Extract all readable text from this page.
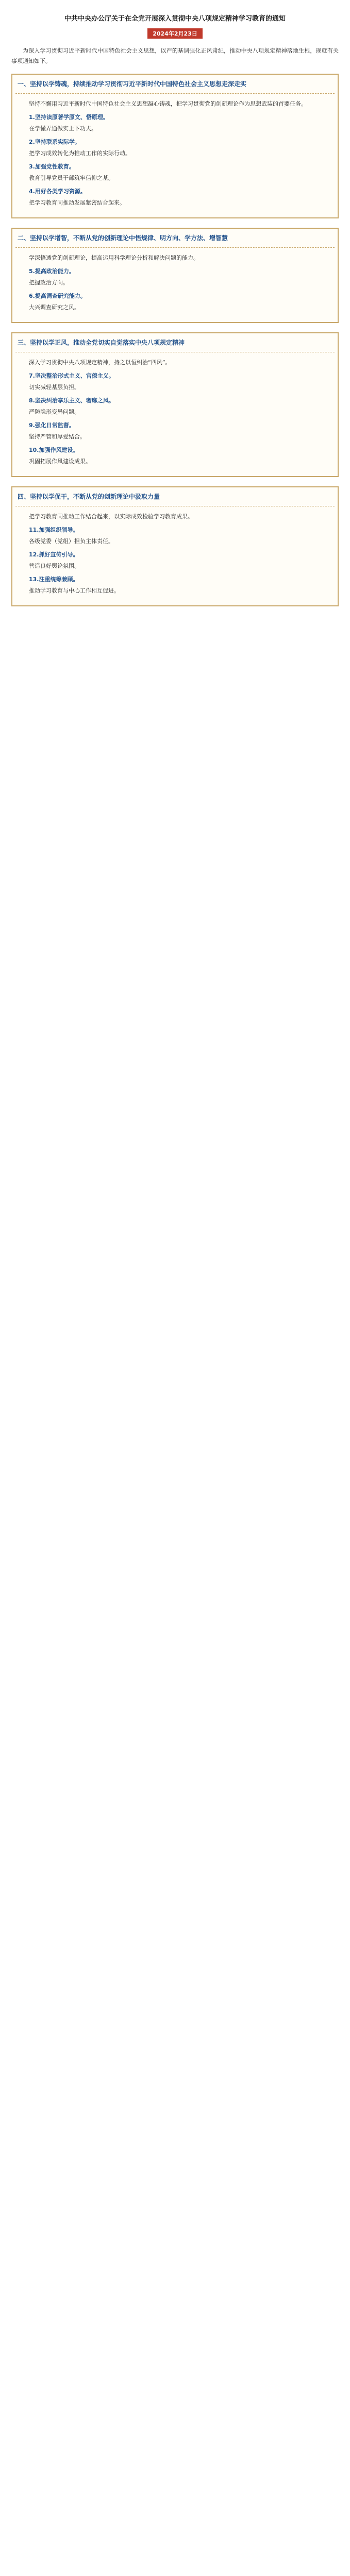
中共中央办公厅关于在全党开展深入贯彻中央八项规定精神学习教育的通知
2024年2月23日

为深入学习贯彻习近平新时代中国特色社会主义思想，以严的基调强化正风肃纪，推动中央八项规定精神落地生根，现就有关事项通知如下。

一、坚持以学铸魂，持续推动学习贯彻习近平新时代中国特色社会主义思想走深走实

坚持不懈用习近平新时代中国特色社会主义思想凝心铸魂，把学习贯彻党的创新理论作为思想武装的首要任务。

1.坚持读原著学原文、悟原理。

在学懂弄通做实上下功夫。

2.坚持联系实际学。

把学习成效转化为推动工作的实际行动。

3.加强党性教育。

教育引导党员干部筑牢信仰之基。

4.用好各类学习资源。

把学习教育同推动发展紧密结合起来。

二、坚持以学增智，不断从党的创新理论中悟规律、明方向、学方法、增智慧

学深悟透党的创新理论，提高运用科学理论分析和解决问题的能力。

5.提高政治能力。

把握政治方向。

6.提高调查研究能力。

大兴调查研究之风。

三、坚持以学正风，推动全党切实自觉落实中央八项规定精神

深入学习贯彻中央八项规定精神，持之以恒纠治“四风”。

7.坚决整治形式主义、官僚主义。

切实减轻基层负担。

8.坚决纠治享乐主义、奢靡之风。

严防隐形变异问题。

9.强化日常监督。

坚持严管和厚爱结合。

10.加强作风建设。

巩固拓展作风建设成果。

四、坚持以学促干，不断从党的创新理论中汲取力量

把学习教育同推动工作结合起来，以实际成效检验学习教育成果。

11.加强组织领导。

各级党委（党组）担负主体责任。

12.抓好宣传引导。

营造良好舆论氛围。

13.注重统筹兼顾。

推动学习教育与中心工作相互促进。
